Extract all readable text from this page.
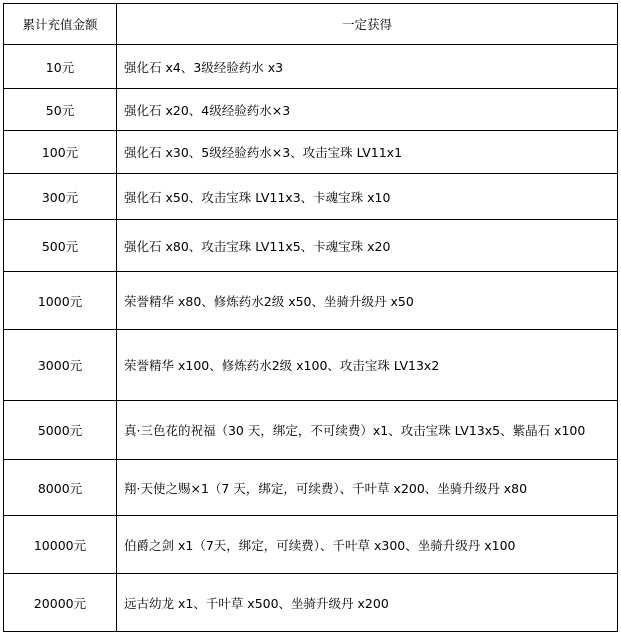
累计充值金额	一定获得
10元	强化石 x4、3级经验药水 x3
50元	强化石 x20、4级经验药水×3
100元	强化石 x30、5级经验药水×3、攻击宝珠 LV11x1
300元	强化石 x50、攻击宝珠 LV11x3、卡魂宝珠 x10
500元	强化石 x80、攻击宝珠 LV11x5、卡魂宝珠 x20
1000元	荣誉精华 x80、修炼药水2级 x50、坐骑升级丹 x50
3000元	荣誉精华 x100、修炼药水2级 x100、攻击宝珠 LV13x2
5000元	真·三色花的祝福（30 天，绑定，不可续费）x1、攻击宝珠 LV13x5、紫晶石 x100
8000元	翔·天使之赐×1（7 天，绑定，可续费）、千叶草 x200、坐骑升级丹 x80
10000元	伯爵之剑 x1（7天，绑定，可续费）、千叶草 x300、坐骑升级丹 x100
20000元	远古幼龙 x1、千叶草 x500、坐骑升级丹 x200
